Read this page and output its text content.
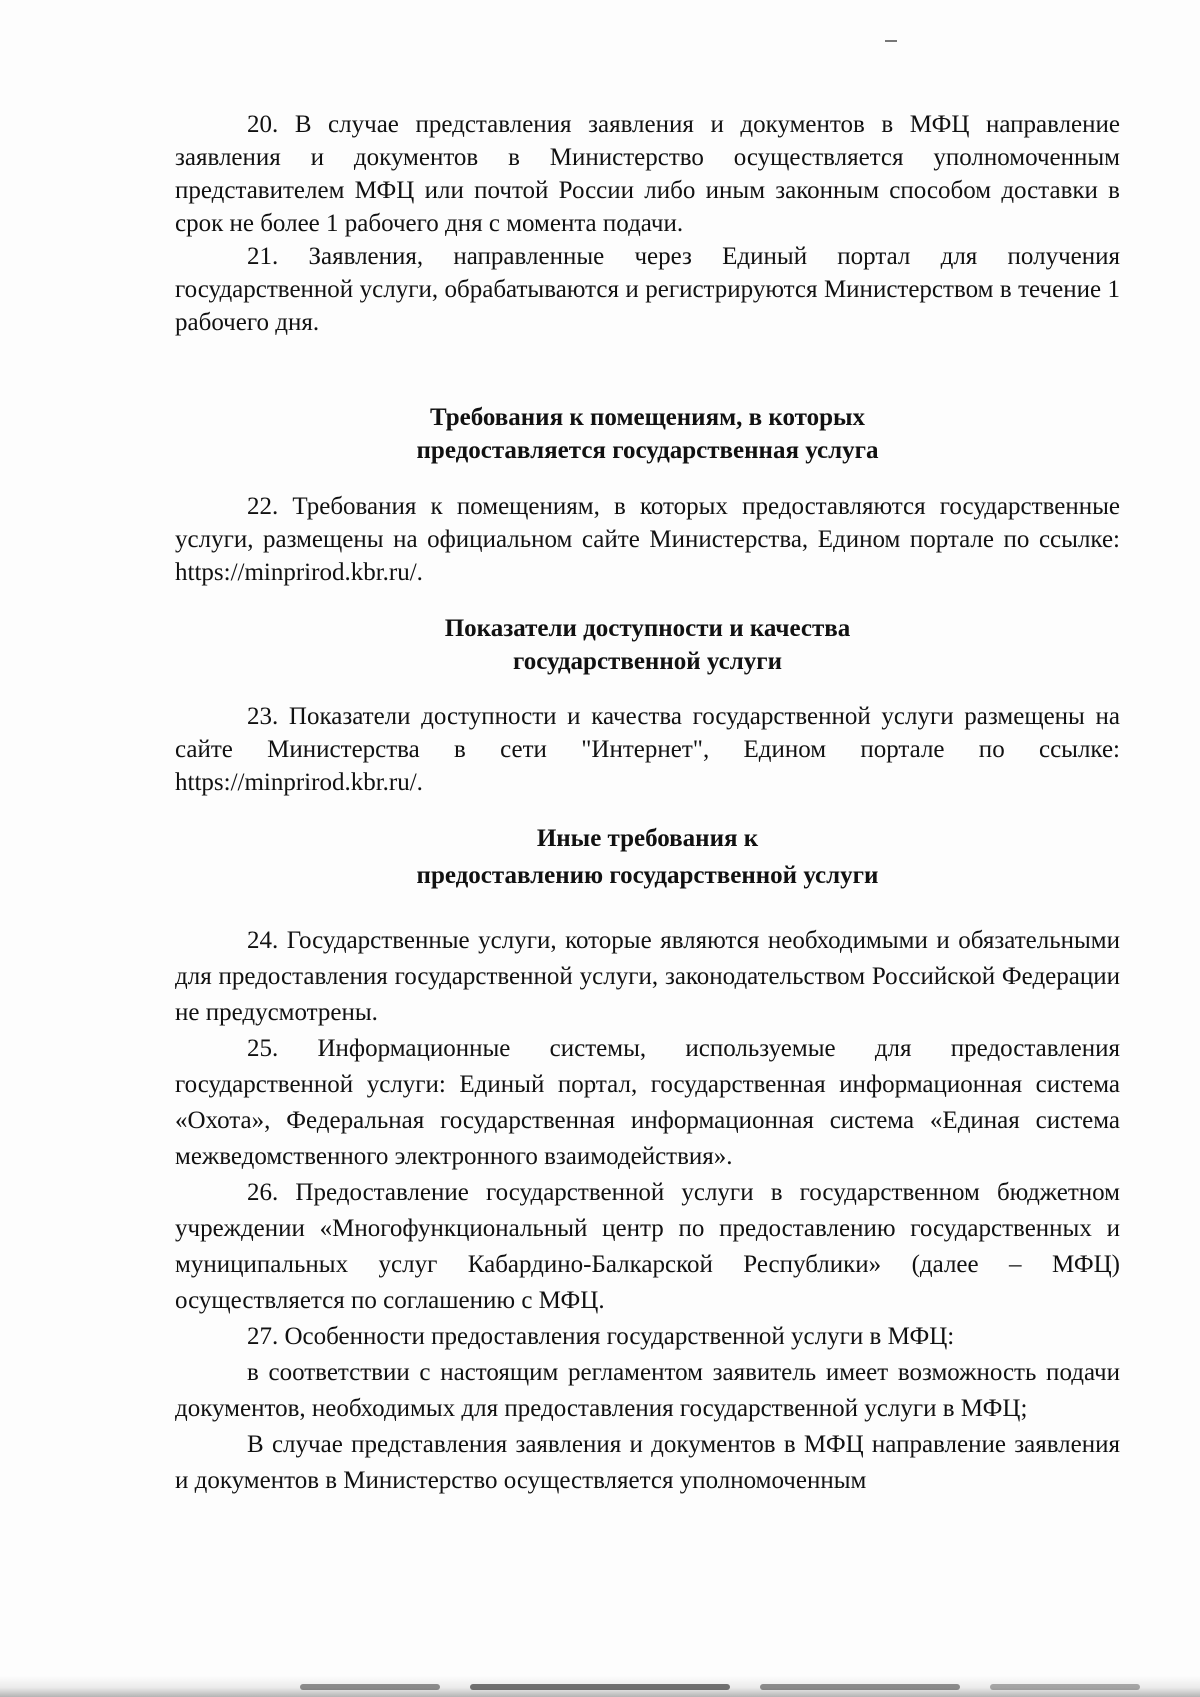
20. В случае представления заявления и документов в МФЦ направление заявления и документов в Министерство осуществляется уполномоченным представителем МФЦ или почтой России либо иным законным способом доставки в срок не более 1 рабочего дня с момента подачи.

21. Заявления, направленные через Единый портал для получения государственной услуги, обрабатываются и регистрируются Министерством в течение 1 рабочего дня.

Требования к помещениям, в которых
предоставляется государственная услуга

22. Требования к помещениям, в которых предоставляются государственные услуги, размещены на официальном сайте Министерства, Едином портале по ссылке: https://minprirod.kbr.ru/.

Показатели доступности и качества
государственной услуги

23. Показатели доступности и качества государственной услуги размещены на сайте Министерства в сети "Интернет", Едином портале по ссылке: https://minprirod.kbr.ru/.

Иные требования к
предоставлению государственной услуги

24. Государственные услуги, которые являются необходимыми и обязательными для предоставления государственной услуги, законодательством Российской Федерации не предусмотрены.

25. Информационные системы, используемые для предоставления государственной услуги: Единый портал, государственная информационная система «Охота», Федеральная государственная информационная система «Единая система межведомственного электронного взаимодействия».

26. Предоставление государственной услуги в государственном бюджетном учреждении «Многофункциональный центр по предоставлению государственных и муниципальных услуг Кабардино-Балкарской Республики» (далее – МФЦ) осуществляется по соглашению с МФЦ.

27. Особенности предоставления государственной услуги в МФЦ:

в соответствии с настоящим регламентом заявитель имеет возможность подачи документов, необходимых для предоставления государственной услуги в МФЦ;

В случае представления заявления и документов в МФЦ направление заявления и документов в Министерство осуществляется уполномоченным
